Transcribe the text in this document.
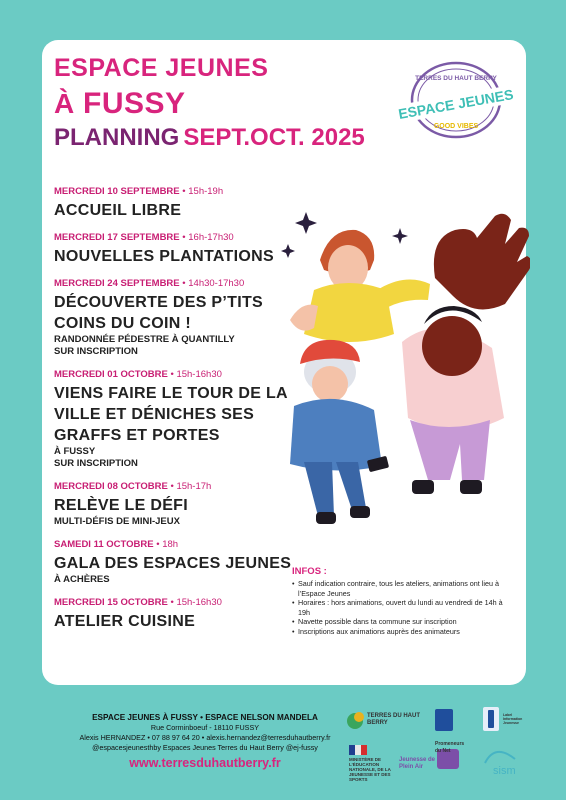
ESPACE JEUNES
À FUSSY
PLANNING SEPT.OCT. 2025
TERRES DU HAUT BERRY
ESPACE JEUNES
GOOD VIBES
MERCREDI 10 SEPTEMBRE • 15h-19h
ACCUEIL LIBRE
MERCREDI 17 SEPTEMBRE • 16h-17h30
NOUVELLES PLANTATIONS
MERCREDI 24 SEPTEMBRE • 14h30-17h30
DÉCOUVERTE DES P’TITS COINS DU COIN !
RANDONNÉE PÉDESTRE À QUANTILLY
SUR INSCRIPTION
MERCREDI 01 OCTOBRE • 15h-16h30
VIENS FAIRE LE TOUR DE LA VILLE ET DÉNICHES SES GRAFFS ET PORTES
À FUSSY
SUR INSCRIPTION
MERCREDI 08 OCTOBRE • 15h-17h
RELÈVE LE DÉFI
MULTI-DÉFIS DE MINI-JEUX
SAMEDI 11 OCTOBRE • 18h
GALA DES ESPACES JEUNES
À ACHÈRES
MERCREDI 15 OCTOBRE • 15h-16h30
ATELIER CUISINE
INFOS :
• Sauf indication contraire, tous les ateliers, animations ont lieu à l’Espace Jeunes
• Horaires : hors animations, ouvert du lundi au vendredi de 14h à 19h
• Navette possible dans ta commune sur inscription
• Inscriptions aux animations auprès des animateurs
ESPACE JEUNES À FUSSY • ESPACE NELSON MANDELA
Rue Corminboeuf - 18110 FUSSY
Alexis HERNANDEZ • 07 88 97 64 20 • alexis.hernandez@terresduhautberry.fr
@espacesjeunesthby Espaces Jeunes Terres du Haut Berry @ej-fussy
www.terresduhautberry.fr
TERRES DU HAUT BERRY
MINISTÈRE DE L’ÉDUCATION NATIONALE, DE LA JEUNESSE ET DES SPORTS
Jeunesse de Plein Air
Promeneurs du Net
Label Information Jeunesse
sism
